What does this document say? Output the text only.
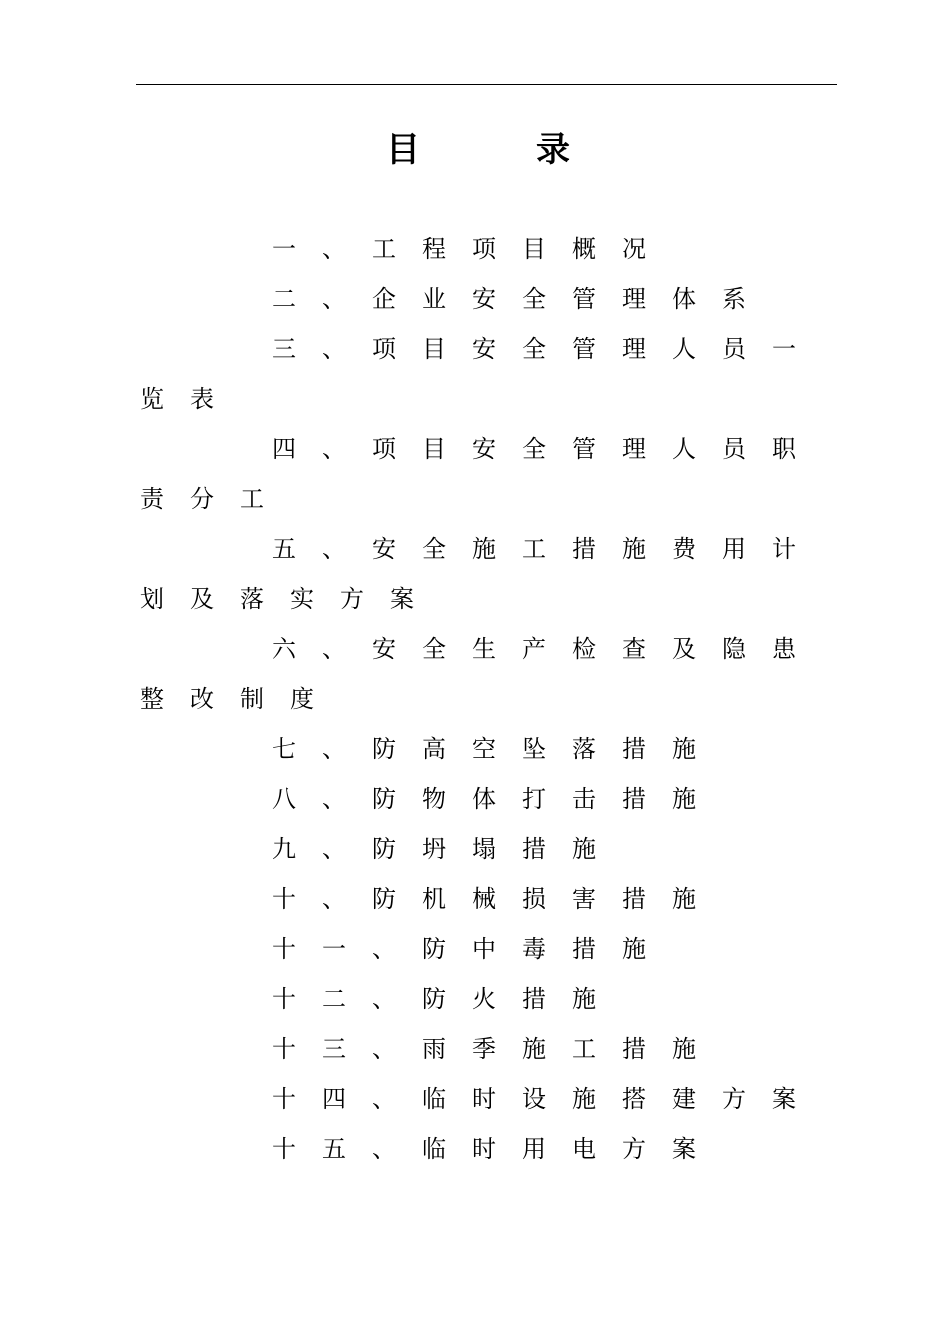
目	录
一、工程项目概况
二、企业安全管理体系
三、项目安全管理人员一览表
四、项目安全管理人员职责分工
五、安全施工措施费用计划及落实方案
六、安全生产检查及隐患整改制度
七、防高空坠落措施
八、防物体打击措施
九、防坍塌措施
十、防机械损害措施
十一、防中毒措施
十二、防火措施
十三、雨季施工措施
十四、临时设施搭建方案
十五、临时用电方案
